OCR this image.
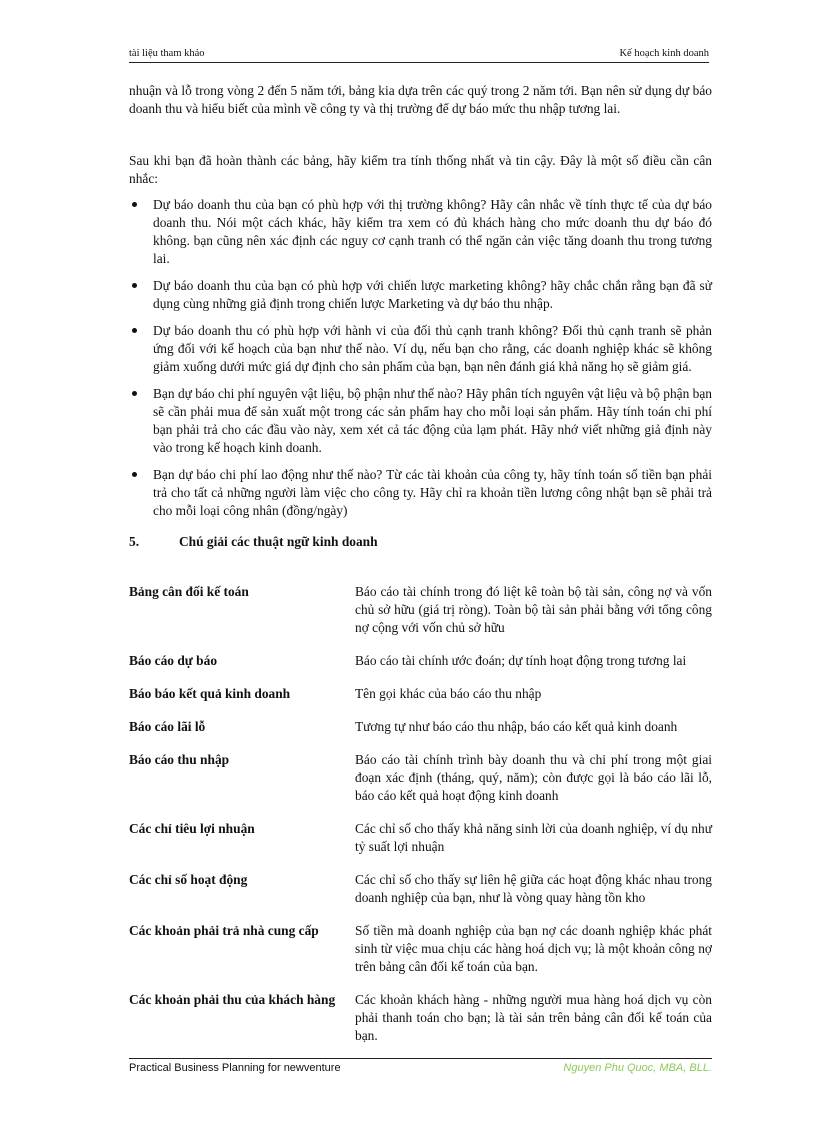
tài liệu tham khảo	Kế hoạch kinh doanh

nhuận và lỗ trong vòng 2 đến 5 năm tới, bảng kia dựa trên các quý trong 2 năm tới. Bạn nên sử dụng dự báo doanh thu và hiểu biết của mình về công ty và thị trường để dự báo mức thu nhập tương lai.

Sau khi bạn đã hoàn thành các bảng, hãy kiểm tra tính thống nhất và tin cậy. Đây là một số điều cần cân nhắc:

Dự báo doanh thu của bạn có phù hợp với thị trường không? Hãy cân nhắc về tính thực tế của dự báo doanh thu. Nói một cách khác, hãy kiểm tra xem có đủ khách hàng cho mức doanh thu dự báo đó không. bạn cũng nên xác định các nguy cơ cạnh tranh có thể ngăn cản việc tăng doanh thu trong tương lai.
Dự báo doanh thu của bạn có phù hợp với chiến lược marketing không? hãy chắc chắn rằng bạn đã sử dụng cùng những giả định trong chiến lược Marketing và dự báo thu nhập.
Dự báo doanh thu có phù hợp với hành vi của đối thủ cạnh tranh không? Đối thủ cạnh tranh sẽ phản ứng đối với kế hoạch của bạn như thế nào. Ví dụ, nếu bạn cho rằng, các doanh nghiệp khác sẽ không giảm xuống dưới mức giá dự định cho sản phẩm của bạn, bạn nên đánh giá khả năng họ sẽ giảm giá.
Bạn dự báo chi phí nguyên vật liệu, bộ phận như thế nào? Hãy phân tích nguyên vật liệu và bộ phận bạn sẽ cần phải mua để sản xuất một trong các sản phẩm hay cho mỗi loại sản phẩm. Hãy tính toán chi phí bạn phải trả cho các đầu vào này, xem xét cả tác động của lạm phát. Hãy nhớ viết những giả định này vào trong kế hoạch kinh doanh.
Bạn dự báo chi phí lao động như thế nào? Từ các tài khoản của công ty, hãy tính toán số tiền bạn phải trả cho tất cả những người làm việc cho công ty. Hãy chỉ ra khoản tiền lương công nhật bạn sẽ phải trả cho mỗi loại công nhân (đồng/ngày)
5.	Chú giải các thuật ngữ kinh doanh
Bảng cân đối kế toán	Báo cáo tài chính trong đó liệt kê toàn bộ tài sản, công nợ và vốn chủ sở hữu (giá trị ròng). Toàn bộ tài sản phải bằng với tổng công nợ cộng với vốn chủ sở hữu
Báo cáo dự báo	Báo cáo tài chính ước đoán; dự tính hoạt động trong tương lai
Báo báo kết quả kinh doanh	Tên gọi khác của báo cáo thu nhập
Báo cáo lãi lỗ	Tương tự như báo cáo thu nhập, báo cáo kết quả kinh doanh
Báo cáo thu nhập	Báo cáo tài chính trình bày doanh thu và chi phí trong một giai đoạn xác định (tháng, quý, năm); còn được gọi là báo cáo lãi lỗ, báo cáo kết quả hoạt động kinh doanh
Các chỉ tiêu lợi nhuận	Các chỉ số cho thấy khả năng sinh lời của doanh nghiệp, ví dụ như tỷ suất lợi nhuận
Các chỉ số hoạt động	Các chỉ số cho thấy sự liên hệ giữa các hoạt động khác nhau trong doanh nghiệp của bạn, như là vòng quay hàng tồn kho
Các khoản phải trả nhà cung cấp	Số tiền mà doanh nghiệp của bạn nợ các doanh nghiệp khác phát sinh từ việc mua chịu các hàng hoá dịch vụ; là một khoản công nợ trên bảng cân đối kế toán của bạn.
Các khoản phải thu của khách hàng	Các khoản khách hàng - những người mua hàng hoá dịch vụ còn phải thanh toán cho bạn; là tài sản trên bảng cân đối kế toán của bạn.
Practical Business Planning for newventure	Nguyen Phu Quoc, MBA, BLL.
